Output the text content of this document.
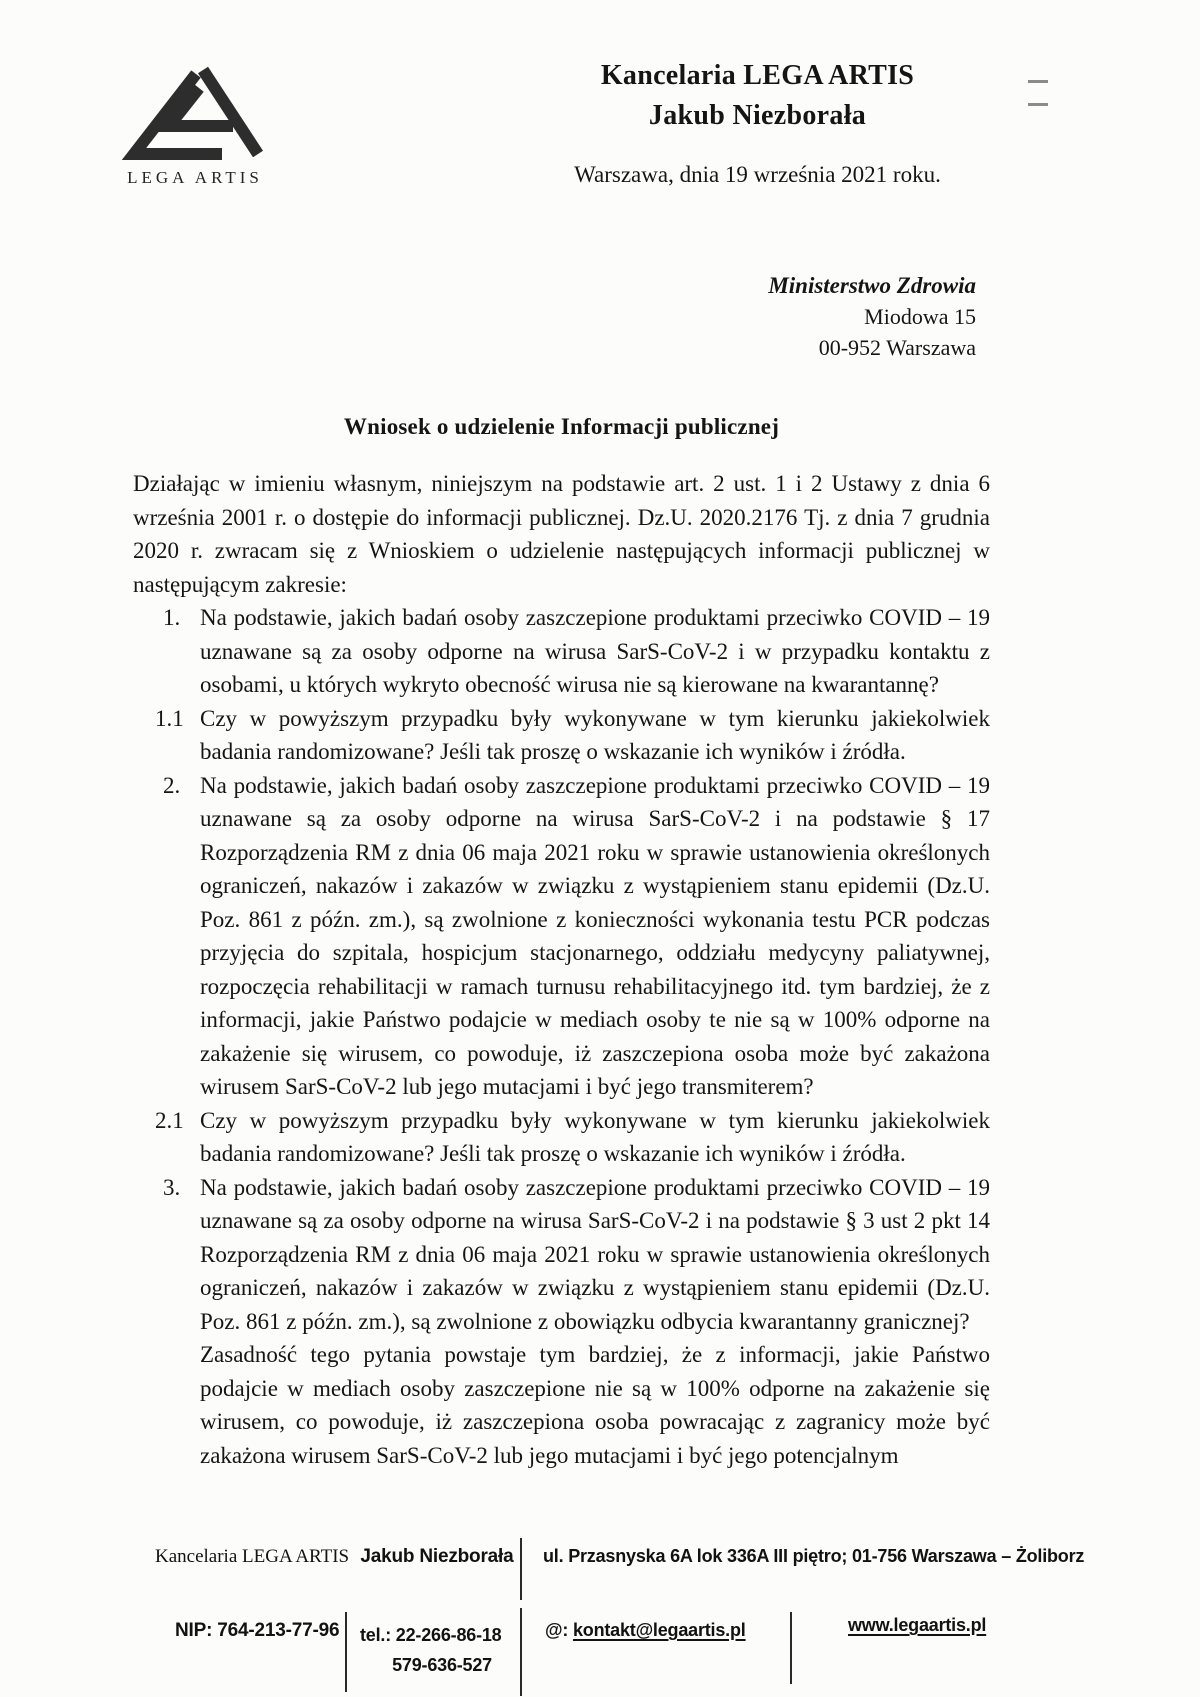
LEGA ARTIS
Kancelaria LEGA ARTIS
Jakub Niezborała
Warszawa, dnia 19 września 2021 roku.
Ministerstwo Zdrowia
Miodowa 15
00-952 Warszawa
Wniosek o udzielenie Informacji publicznej

Działając w imieniu własnym, niniejszym na podstawie art. 2 ust. 1 i 2 Ustawy z dnia 6 września 2001 r. o dostępie do informacji publicznej. Dz.U. 2020.2176 Tj. z dnia 7 grudnia 2020 r. zwracam się z Wnioskiem o udzielenie następujących informacji publicznej w następującym zakresie:

1. Na podstawie, jakich badań osoby zaszczepione produktami przeciwko COVID – 19 uznawane są za osoby odporne na wirusa SarS-CoV-2 i w przypadku kontaktu z osobami, u których wykryto obecność wirusa nie są kierowane na kwarantannę?

1.1 Czy w powyższym przypadku były wykonywane w tym kierunku jakiekolwiek badania randomizowane? Jeśli tak proszę o wskazanie ich wyników i źródła.

2. Na podstawie, jakich badań osoby zaszczepione produktami przeciwko COVID – 19 uznawane są za osoby odporne na wirusa SarS-CoV-2 i na podstawie § 17 Rozporządzenia RM z dnia 06 maja 2021 roku w sprawie ustanowienia określonych ograniczeń, nakazów i zakazów w związku z wystąpieniem stanu epidemii (Dz.U. Poz. 861 z późn. zm.), są zwolnione z konieczności wykonania testu PCR podczas przyjęcia do szpitala, hospicjum stacjonarnego, oddziału medycyny paliatywnej, rozpoczęcia rehabilitacji w ramach turnusu rehabilitacyjnego itd. tym bardziej, że z informacji, jakie Państwo podajcie w mediach osoby te nie są w 100% odporne na zakażenie się wirusem, co powoduje, iż zaszczepiona osoba może być zakażona wirusem SarS-CoV-2 lub jego mutacjami i być jego transmiterem?

2.1 Czy w powyższym przypadku były wykonywane w tym kierunku jakiekolwiek badania randomizowane? Jeśli tak proszę o wskazanie ich wyników i źródła.

3. Na podstawie, jakich badań osoby zaszczepione produktami przeciwko COVID – 19 uznawane są za osoby odporne na wirusa SarS-CoV-2 i na podstawie § 3 ust 2 pkt 14 Rozporządzenia RM z dnia 06 maja 2021 roku w sprawie ustanowienia określonych ograniczeń, nakazów i zakazów w związku z wystąpieniem stanu epidemii (Dz.U. Poz. 861 z późn. zm.), są zwolnione z obowiązku odbycia kwarantanny granicznej?

Zasadność tego pytania powstaje tym bardziej, że z informacji, jakie Państwo podajcie w mediach osoby zaszczepione nie są w 100% odporne na zakażenie się wirusem, co powoduje, iż zaszczepiona osoba powracając z zagranicy może być zakażona wirusem SarS-CoV-2 lub jego mutacjami i być jego potencjalnym

Kancelaria LEGA ARTIS Jakub Niezborała ul. Przasnyska 6A lok 336A III piętro; 01-756 Warszawa – Żoliborz
NIP: 764-213-77-96 tel.: 22-266-86-18
579-636-527
@: kontakt@legaartis.pl	www.legaartis.pl
